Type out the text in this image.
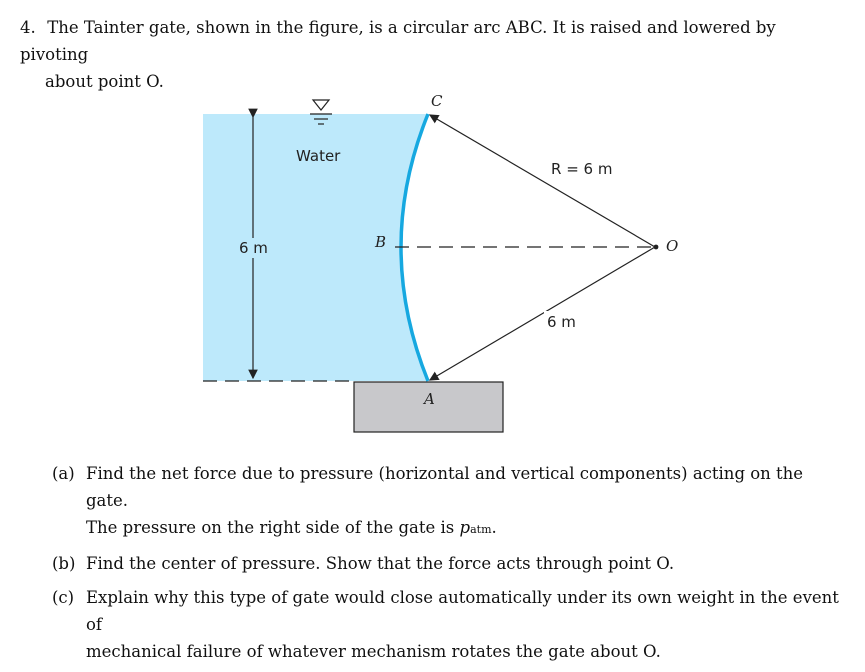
4. The Tainter gate, shown in the figure, is a circular arc ABC. It is raised and lowered by pivoting
about point O.
Water
6 m
R = 6 m
6 m
C
B	O
A
(a) Find the net force due to pressure (horizontal and vertical components) acting on the gate.
The pressure on the right side of the gate is patm.
(b) Find the center of pressure. Show that the force acts through point O.
(c) Explain why this type of gate would close automatically under its own weight in the event of
mechanical failure of whatever mechanism rotates the gate about O.
